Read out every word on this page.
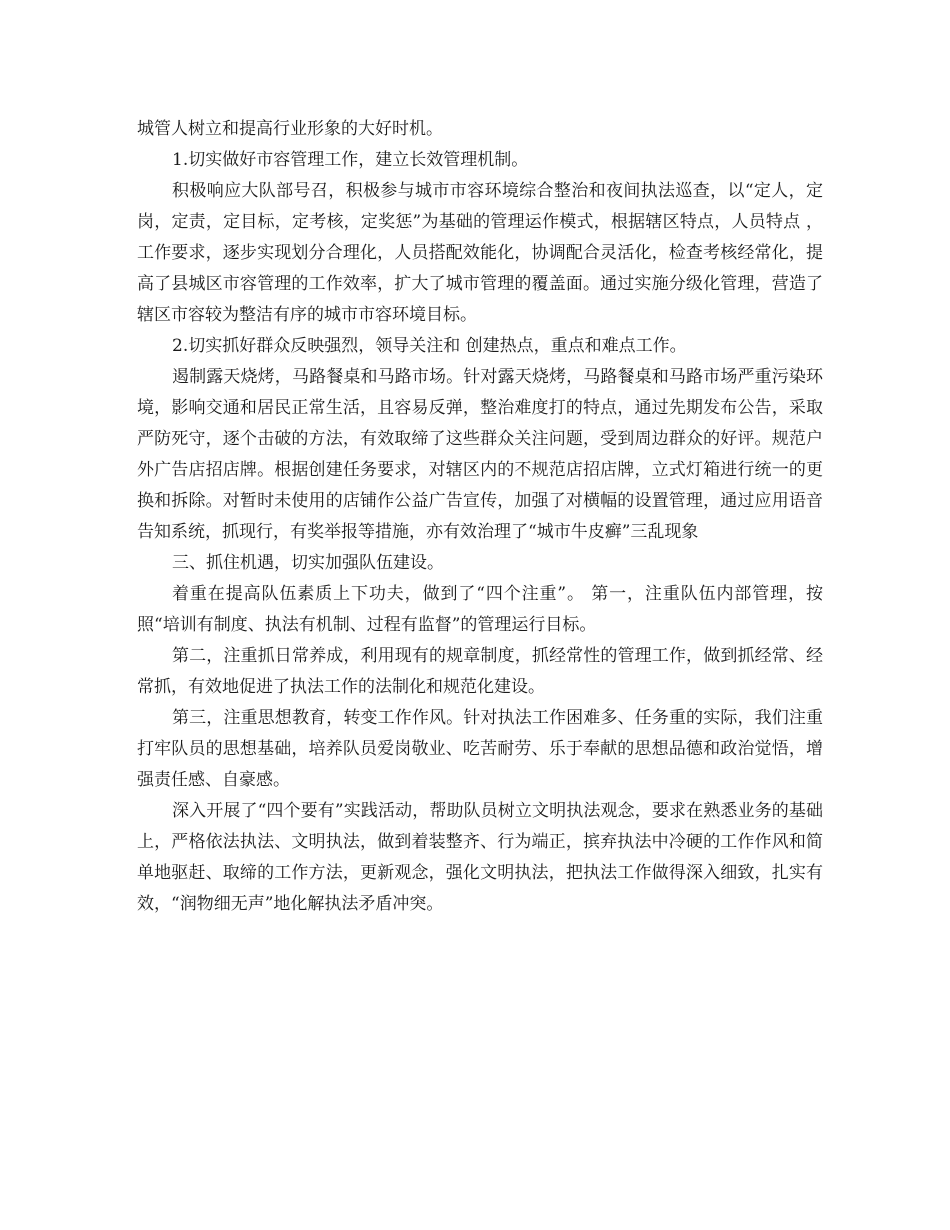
城管人树立和提高行业形象的大好时机。

1.切实做好市容管理工作，建立长效管理机制。

积极响应大队部号召，积极参与城市市容环境综合整治和夜间执法巡查，以“定人，定岗，定责，定目标，定考核，定奖惩”为基础的管理运作模式，根据辖区特点，人员特点 ，工作要求，逐步实现划分合理化，人员搭配效能化，协调配合灵活化，检查考核经常化，提高了县城区市容管理的工作效率，扩大了城市管理的覆盖面。通过实施分级化管理，营造了辖区市容较为整洁有序的城市市容环境目标。

2.切实抓好群众反映强烈，领导关注和 创建热点，重点和难点工作。

遏制露天烧烤，马路餐桌和马路市场。针对露天烧烤，马路餐桌和马路市场严重污染环境，影响交通和居民正常生活，且容易反弹，整治难度打的特点，通过先期发布公告，采取严防死守，逐个击破的方法，有效取缔了这些群众关注问题，受到周边群众的好评。规范户外广告店招店牌。根据创建任务要求，对辖区内的不规范店招店牌，立式灯箱进行统一的更换和拆除。对暂时未使用的店铺作公益广告宣传，加强了对横幅的设置管理，通过应用语音告知系统，抓现行，有奖举报等措施，亦有效治理了“城市牛皮癣”三乱现象

三、抓住机遇，切实加强队伍建设。

着重在提高队伍素质上下功夫，做到了“四个注重”。 第一，注重队伍内部管理，按照“培训有制度、执法有机制、过程有监督”的管理运行目标。

第二，注重抓日常养成，利用现有的规章制度，抓经常性的管理工作，做到抓经常、经常抓，有效地促进了执法工作的法制化和规范化建设。

第三，注重思想教育，转变工作作风。针对执法工作困难多、任务重的实际，我们注重打牢队员的思想基础，培养队员爱岗敬业、吃苦耐劳、乐于奉献的思想品德和政治觉悟，增强责任感、自豪感。

深入开展了“四个要有”实践活动，帮助队员树立文明执法观念，要求在熟悉业务的基础上，严格依法执法、文明执法，做到着装整齐、行为端正，摈弃执法中冷硬的工作作风和简单地驱赶、取缔的工作方法，更新观念，强化文明执法，把执法工作做得深入细致，扎实有效，“润物细无声”地化解执法矛盾冲突。
